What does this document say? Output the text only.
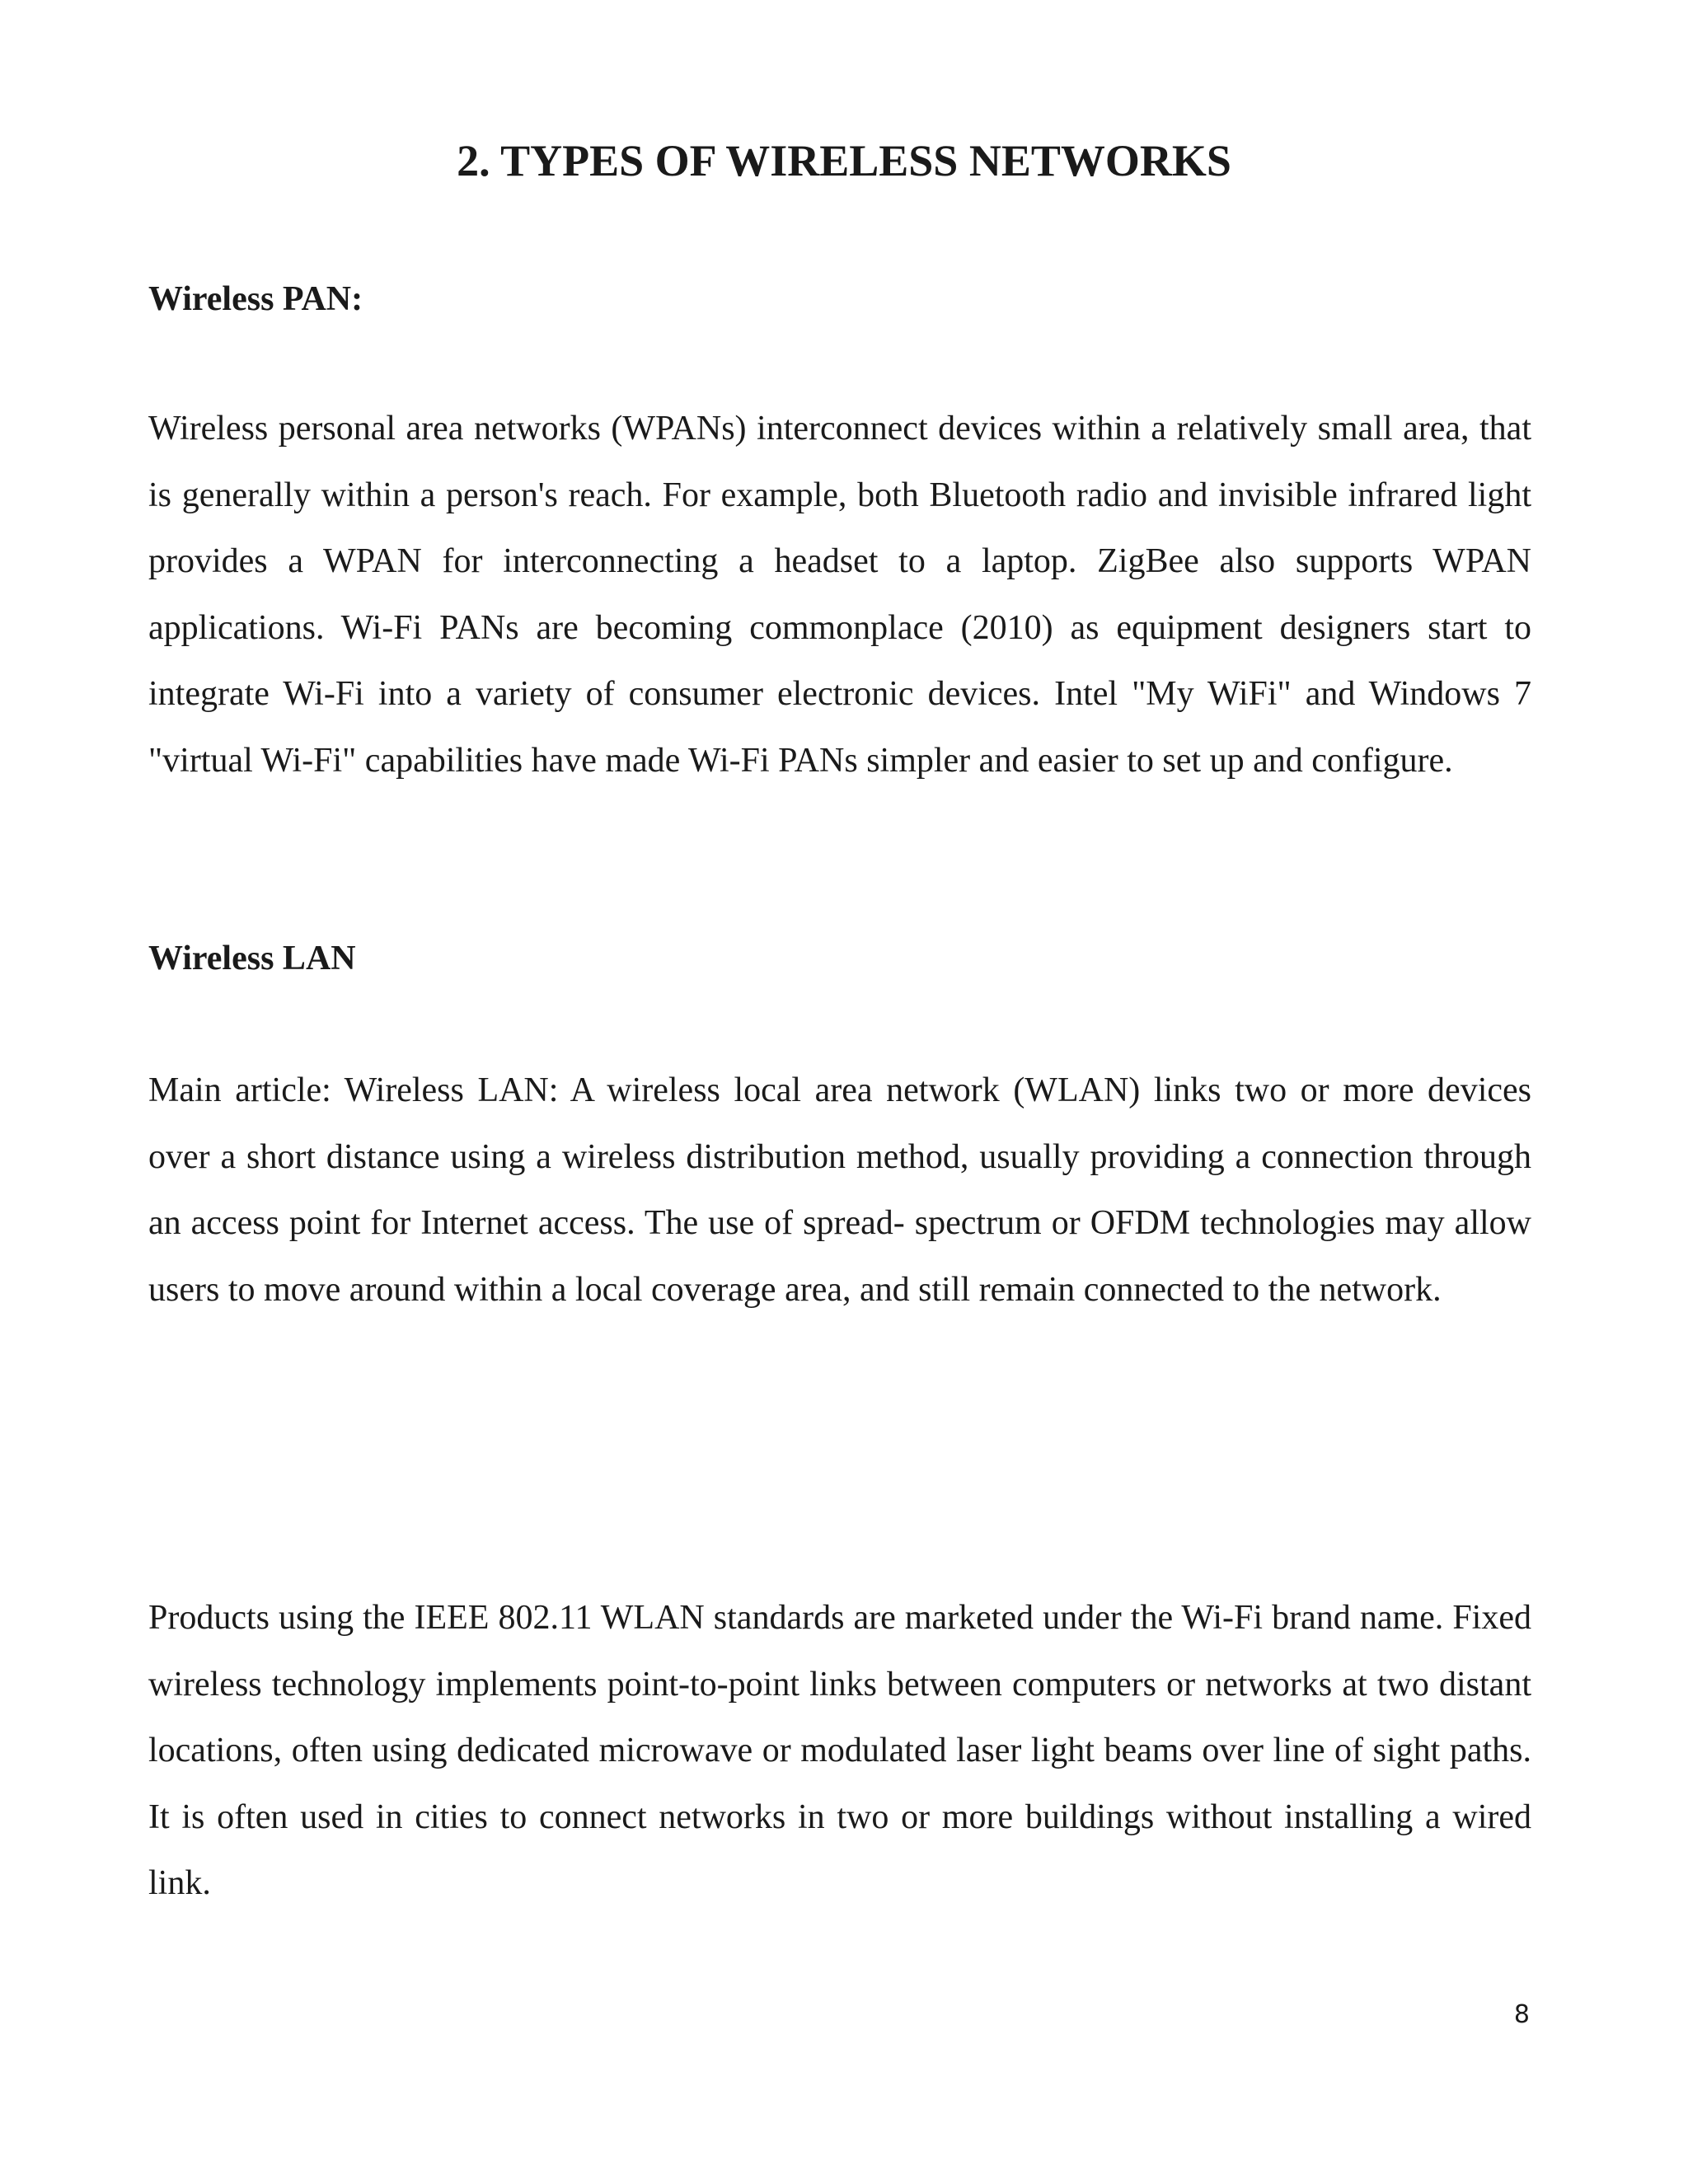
2. TYPES OF WIRELESS NETWORKS
Wireless PAN:

Wireless personal area networks (WPANs) interconnect devices within a relatively small area, that is generally within a person's reach. For example, both Bluetooth radio and invisible infrared light provides a WPAN for interconnecting a headset to a laptop. ZigBee also supports WPAN applications. Wi-Fi PANs are becoming commonplace (2010) as equipment designers start to integrate Wi-Fi into a variety of consumer electronic devices. Intel "My WiFi" and Windows 7 "virtual Wi-Fi" capabilities have made Wi-Fi PANs simpler and easier to set up and configure.

Wireless LAN

Main article: Wireless LAN: A wireless local area network (WLAN) links two or more devices over a short distance using a wireless distribution method, usually providing a connection through an access point for Internet access. The use of spread- spectrum or OFDM technologies may allow users to move around within a local coverage area, and still remain connected to the network.

Products using the IEEE 802.11 WLAN standards are marketed under the Wi-Fi brand name. Fixed wireless technology implements point-to-point links between computers or networks at two distant locations, often using dedicated microwave or modulated laser light beams over line of sight paths. It is often used in cities to connect networks in two or more buildings without installing a wired link.

8
